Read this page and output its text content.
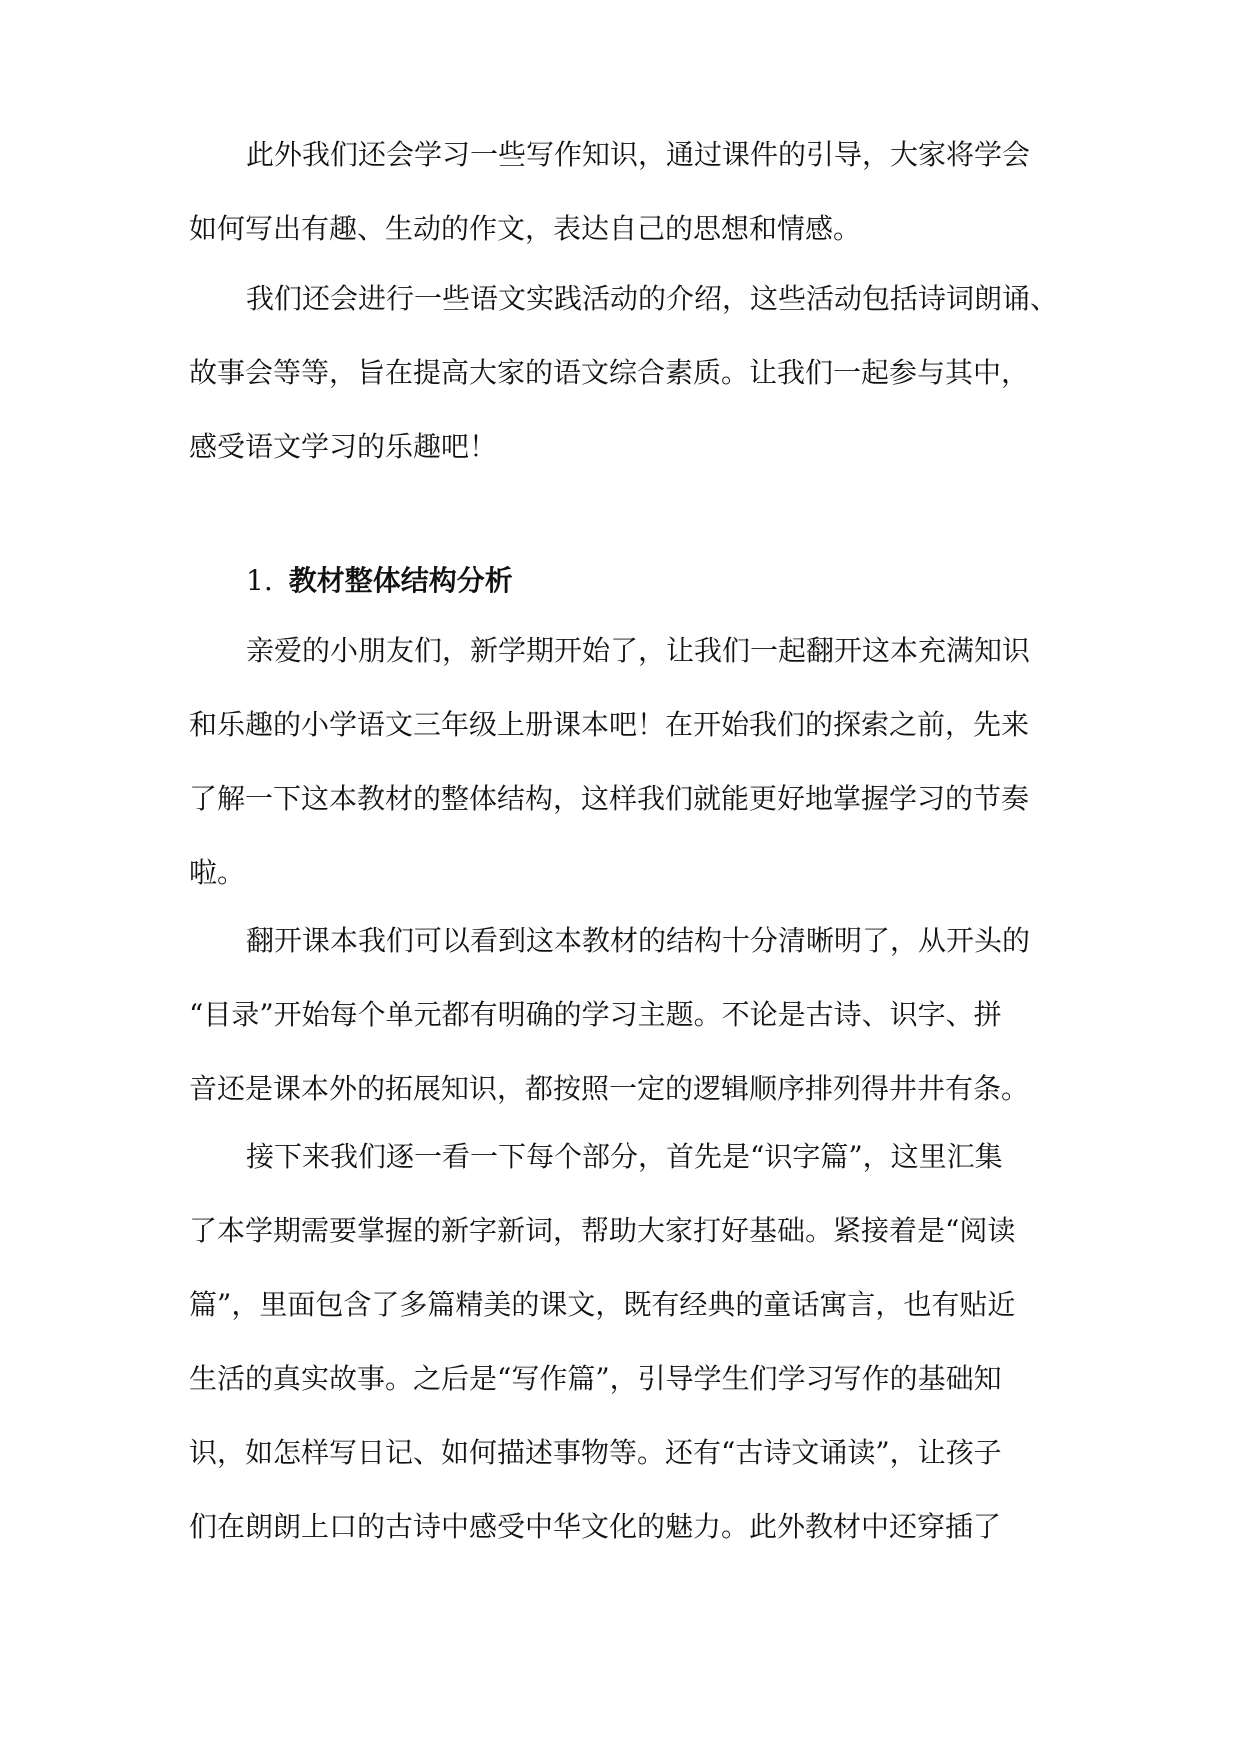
此外我们还会学习一些写作知识，通过课件的引导，大家将学会
如何写出有趣、生动的作文，表达自己的思想和情感。
我们还会进行一些语文实践活动的介绍，这些活动包括诗词朗诵、
故事会等等，旨在提高大家的语文综合素质。让我们一起参与其中，
感受语文学习的乐趣吧！
1. 教材整体结构分析
亲爱的小朋友们，新学期开始了，让我们一起翻开这本充满知识
和乐趣的小学语文三年级上册课本吧！在开始我们的探索之前，先来
了解一下这本教材的整体结构，这样我们就能更好地掌握学习的节奏
啦。
翻开课本我们可以看到这本教材的结构十分清晰明了，从开头的
“目录”开始每个单元都有明确的学习主题。不论是古诗、识字、拼
音还是课本外的拓展知识，都按照一定的逻辑顺序排列得井井有条。
接下来我们逐一看一下每个部分，首先是“识字篇”，这里汇集
了本学期需要掌握的新字新词，帮助大家打好基础。紧接着是“阅读
篇”，里面包含了多篇精美的课文，既有经典的童话寓言，也有贴近
生活的真实故事。之后是“写作篇”，引导学生们学习写作的基础知
识，如怎样写日记、如何描述事物等。还有“古诗文诵读”，让孩子
们在朗朗上口的古诗中感受中华文化的魅力。此外教材中还穿插了
